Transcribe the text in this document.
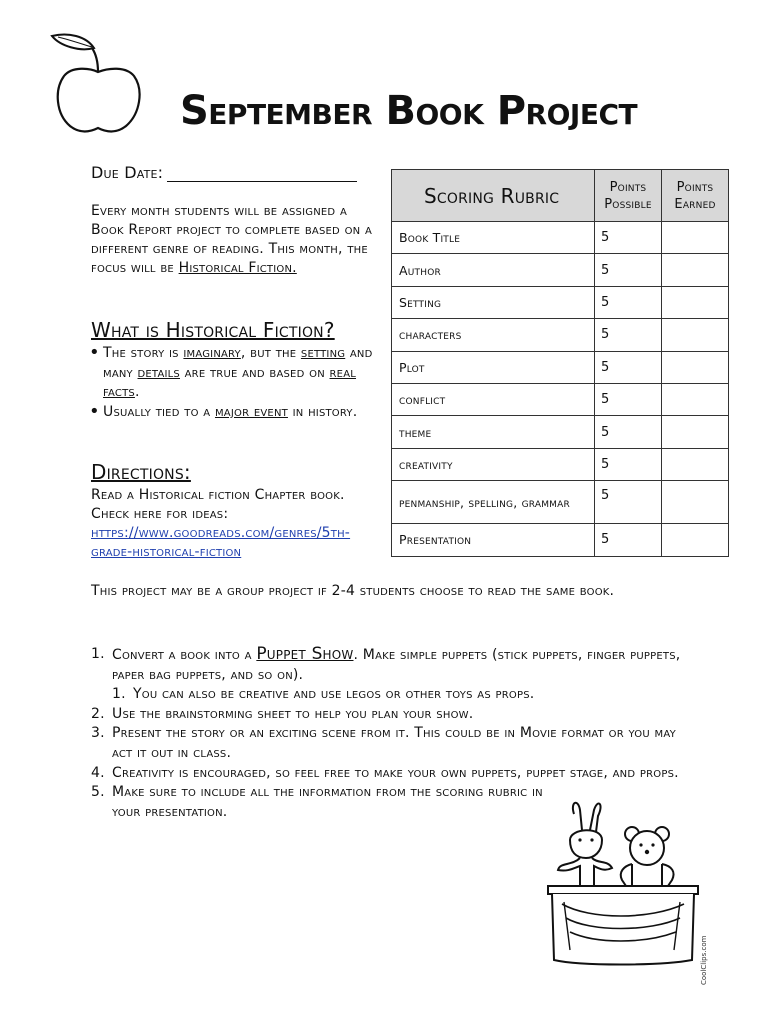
September Book Project
Due Date:
Every month students will be assigned a Book Report project to complete based on a different genre of reading. This month, the focus will be Historical Fiction.
What is Historical Fiction?
• The story is imaginary, but the setting and many details are true and based on real facts.
• Usually tied to a major event in history.
Directions:
Read a Historical fiction Chapter book. Check here for ideas: https://www.goodreads.com/genres/5th-grade-historical-fiction
Scoring Rubric	Points Possible	Points Earned
Book Title	5	
Author	5	
Setting	5	
characters	5	
Plot	5	
conflict	5	
theme	5	
creativity	5	
penmanship, spelling, grammar	5	
Presentation	5	
This project may be a group project if 2-4 students choose to read the same book.
1. Convert a book into a Puppet Show. Make simple puppets (stick puppets, finger puppets, paper bag puppets, and so on).
1. You can also be creative and use legos or other toys as props.
2. Use the brainstorming sheet to help you plan your show.
3. Present the story or an exciting scene from it. This could be in Movie format or you may act it out in class.
4. Creativity is encouraged, so feel free to make your own puppets, puppet stage, and props.
5. Make sure to include all the information from the scoring rubric in your presentation.
CoolClips.com
